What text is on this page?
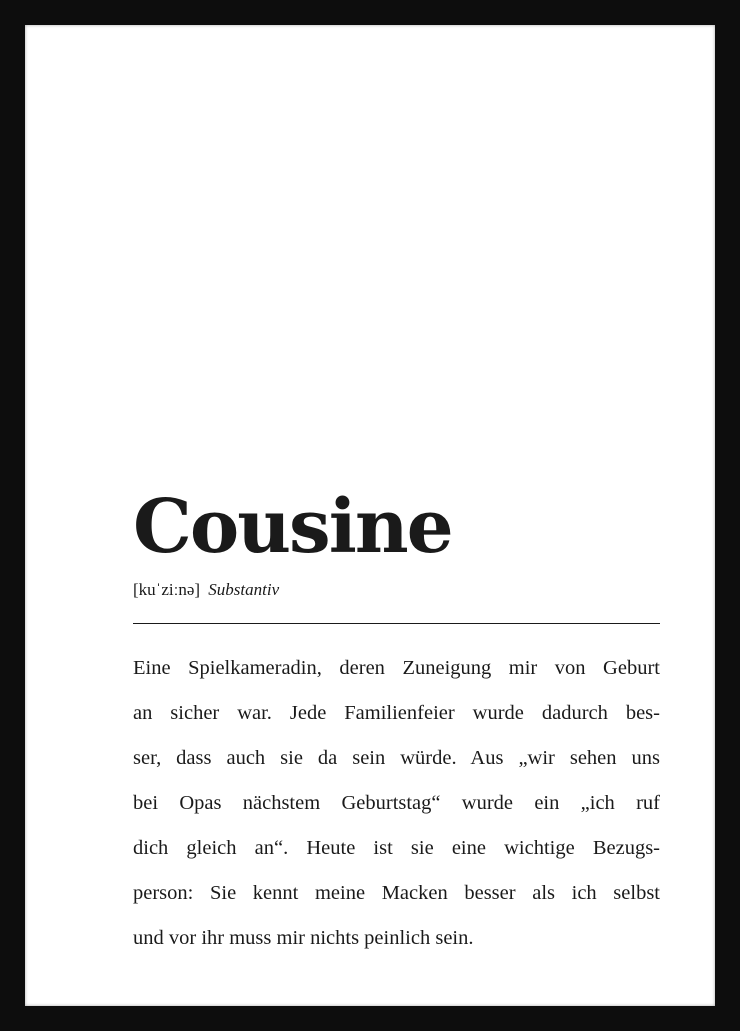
Cousine
[kuˈziːnə] Substantiv
Eine Spielkameradin, deren Zuneigung mir von Geburt
an sicher war. Jede Familienfeier wurde dadurch bes-
ser, dass auch sie da sein würde. Aus „wir sehen uns
bei Opas nächstem Geburtstag“ wurde ein „ich ruf
dich gleich an“. Heute ist sie eine wichtige Bezugs-
person: Sie kennt meine Macken besser als ich selbst
und vor ihr muss mir nichts peinlich sein.
